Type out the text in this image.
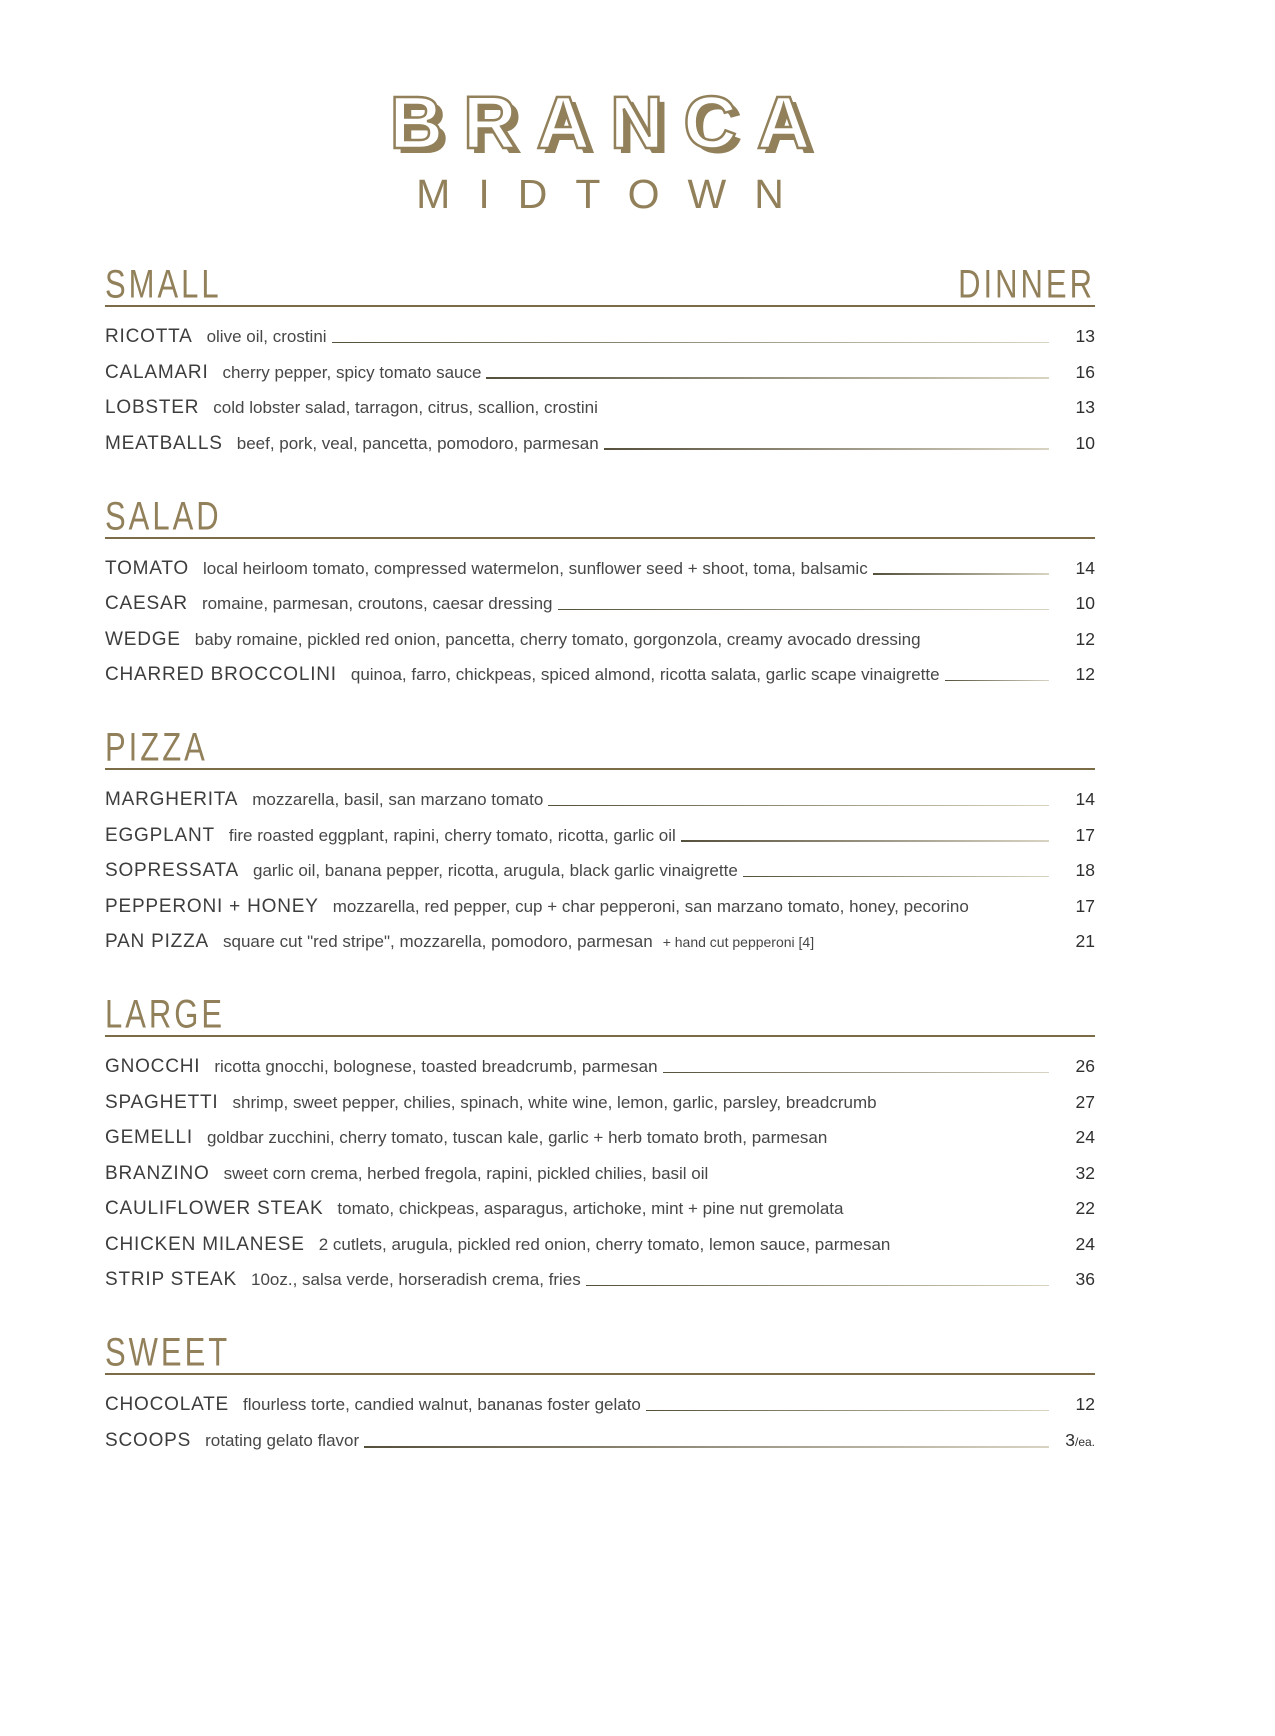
BRANCA
MIDTOWN
SMALL	DINNER
RICOTTA olive oil, crostini	13
CALAMARI cherry pepper, spicy tomato sauce	16
LOBSTER cold lobster salad, tarragon, citrus, scallion, crostini	13
MEATBALLS beef, pork, veal, pancetta, pomodoro, parmesan	10
SALAD
TOMATO local heirloom tomato, compressed watermelon, sunflower seed + shoot, toma, balsamic	14
CAESAR romaine, parmesan, croutons, caesar dressing	10
WEDGE baby romaine, pickled red onion, pancetta, cherry tomato, gorgonzola, creamy avocado dressing	12
CHARRED BROCCOLINI quinoa, farro, chickpeas, spiced almond, ricotta salata, garlic scape vinaigrette	12
PIZZA
MARGHERITA mozzarella, basil, san marzano tomato	14
EGGPLANT fire roasted eggplant, rapini, cherry tomato, ricotta, garlic oil	17
SOPRESSATA garlic oil, banana pepper, ricotta, arugula, black garlic vinaigrette	18
PEPPERONI + HONEY mozzarella, red pepper, cup + char pepperoni, san marzano tomato, honey, pecorino	17
PAN PIZZA square cut "red stripe", mozzarella, pomodoro, parmesan + hand cut pepperoni [4]	21
LARGE
GNOCCHI ricotta gnocchi, bolognese, toasted breadcrumb, parmesan	26
SPAGHETTI shrimp, sweet pepper, chilies, spinach, white wine, lemon, garlic, parsley, breadcrumb	27
GEMELLI goldbar zucchini, cherry tomato, tuscan kale, garlic + herb tomato broth, parmesan	24
BRANZINO sweet corn crema, herbed fregola, rapini, pickled chilies, basil oil	32
CAULIFLOWER STEAK tomato, chickpeas, asparagus, artichoke, mint + pine nut gremolata	22
CHICKEN MILANESE 2 cutlets, arugula, pickled red onion, cherry tomato, lemon sauce, parmesan	24
STRIP STEAK 10oz., salsa verde, horseradish crema, fries	36
SWEET
CHOCOLATE flourless torte, candied walnut, bananas foster gelato	12
SCOOPS rotating gelato flavor	3/ea.
